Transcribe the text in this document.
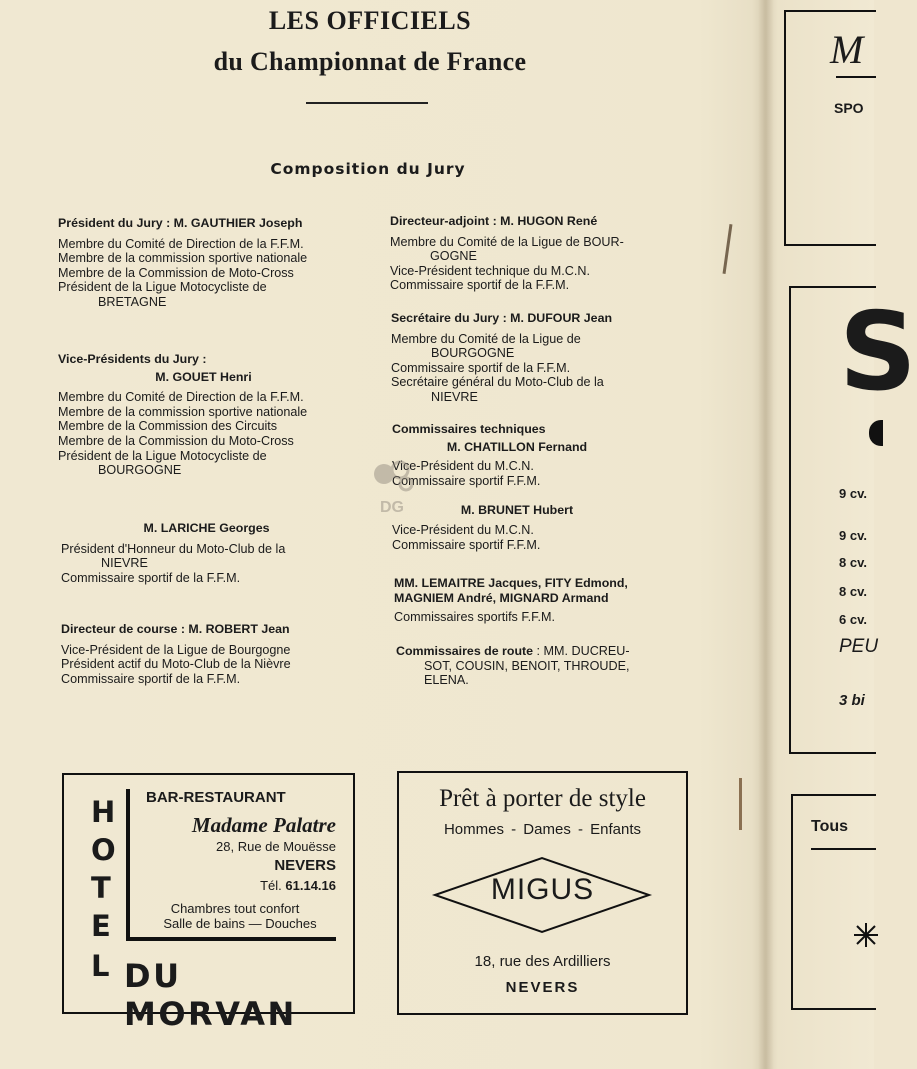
LES OFFICIELS
du Championnat de France
Composition du Jury
Président du Jury : M. GAUTHIER Joseph
Membre du Comité de Direction de la F.F.M.
Membre de la commission sportive nationale
Membre de la Commission de Moto-Cross
Président de la Ligue Motocycliste de
BRETAGNE
Vice-Présidents du Jury :
M. GOUET Henri
Membre du Comité de Direction de la F.F.M.
Membre de la commission sportive nationale
Membre de la Commission des Circuits
Membre de la Commission du Moto-Cross
Président de la Ligue Motocycliste de
BOURGOGNE
M. LARICHE Georges
Président d'Honneur du Moto-Club de la
NIEVRE
Commissaire sportif de la F.F.M.
Directeur de course : M. ROBERT Jean
Vice-Président de la Ligue de Bourgogne
Président actif du Moto-Club de la Nièvre
Commissaire sportif de la F.F.M.
Directeur-adjoint : M. HUGON René
Membre du Comité de la Ligue de BOUR-
GOGNE
Vice-Président technique du M.C.N.
Commissaire sportif de la F.F.M.
Secrétaire du Jury : M. DUFOUR Jean
Membre du Comité de la Ligue de
BOURGOGNE
Commissaire sportif de la F.F.M.
Secrétaire général du Moto-Club de la
NIEVRE
Commissaires techniques
M. CHATILLON Fernand
Vice-Président du M.C.N.
Commissaire sportif F.F.M.
M. BRUNET Hubert
Vice-Président du M.C.N.
Commissaire sportif F.F.M.
MM. LEMAITRE Jacques, FITY Edmond,
MAGNIEM André, MIGNARD Armand
Commissaires sportifs F.F.M.
Commissaires de route : MM. DUCREU-
SOT, COUSIN, BENOIT, THROUDE,
ELENA.
DG
H
O
T
E
L
BAR-RESTAURANT
Madame Palatre
28, Rue de Mouësse
NEVERS
Tél. 61.14.16
Chambres tout confort
Salle de bains — Douches
DU MORVAN
Prêt à porter de style
Hommes - Dames - Enfants
MIGUS
18, rue des Ardilliers
NEVERS
M
SPO
S
9 cv.
9 cv.
8 cv.
8 cv.
6 cv.
PEU
3 bi
Tous
